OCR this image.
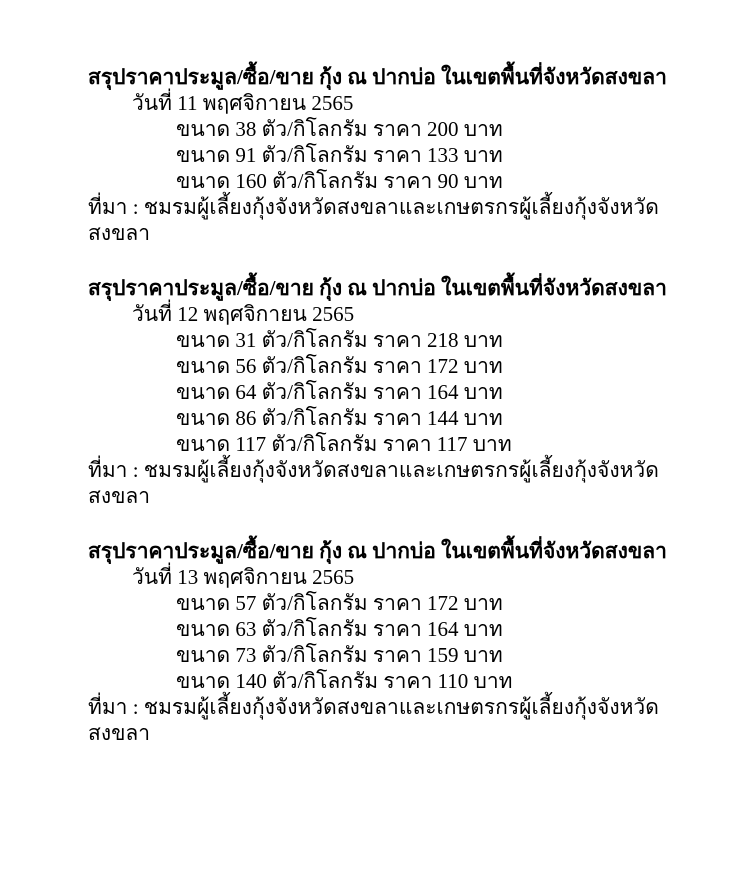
สรุปราคาประมูล/ซื้อ/ขาย กุ้ง ณ ปากบ่อ ในเขตพื้นที่จังหวัดสงขลา
วันที่ 11 พฤศจิกายน 2565
ขนาด 38 ตัว/กิโลกรัม ราคา 200 บาท
ขนาด 91 ตัว/กิโลกรัม ราคา 133 บาท
ขนาด 160 ตัว/กิโลกรัม ราคา 90 บาท
ที่มา : ชมรมผู้เลี้ยงกุ้งจังหวัดสงขลาและเกษตรกรผู้เลี้ยงกุ้งจังหวัดสงขลา
สรุปราคาประมูล/ซื้อ/ขาย กุ้ง ณ ปากบ่อ ในเขตพื้นที่จังหวัดสงขลา
วันที่ 12 พฤศจิกายน 2565
ขนาด 31 ตัว/กิโลกรัม ราคา 218 บาท
ขนาด 56 ตัว/กิโลกรัม ราคา 172 บาท
ขนาด 64 ตัว/กิโลกรัม ราคา 164 บาท
ขนาด 86 ตัว/กิโลกรัม ราคา 144 บาท
ขนาด 117 ตัว/กิโลกรัม ราคา 117 บาท
ที่มา : ชมรมผู้เลี้ยงกุ้งจังหวัดสงขลาและเกษตรกรผู้เลี้ยงกุ้งจังหวัดสงขลา
สรุปราคาประมูล/ซื้อ/ขาย กุ้ง ณ ปากบ่อ ในเขตพื้นที่จังหวัดสงขลา
วันที่ 13 พฤศจิกายน 2565
ขนาด 57 ตัว/กิโลกรัม ราคา 172 บาท
ขนาด 63 ตัว/กิโลกรัม ราคา 164 บาท
ขนาด 73 ตัว/กิโลกรัม ราคา 159 บาท
ขนาด 140 ตัว/กิโลกรัม ราคา 110 บาท
ที่มา : ชมรมผู้เลี้ยงกุ้งจังหวัดสงขลาและเกษตรกรผู้เลี้ยงกุ้งจังหวัดสงขลา
